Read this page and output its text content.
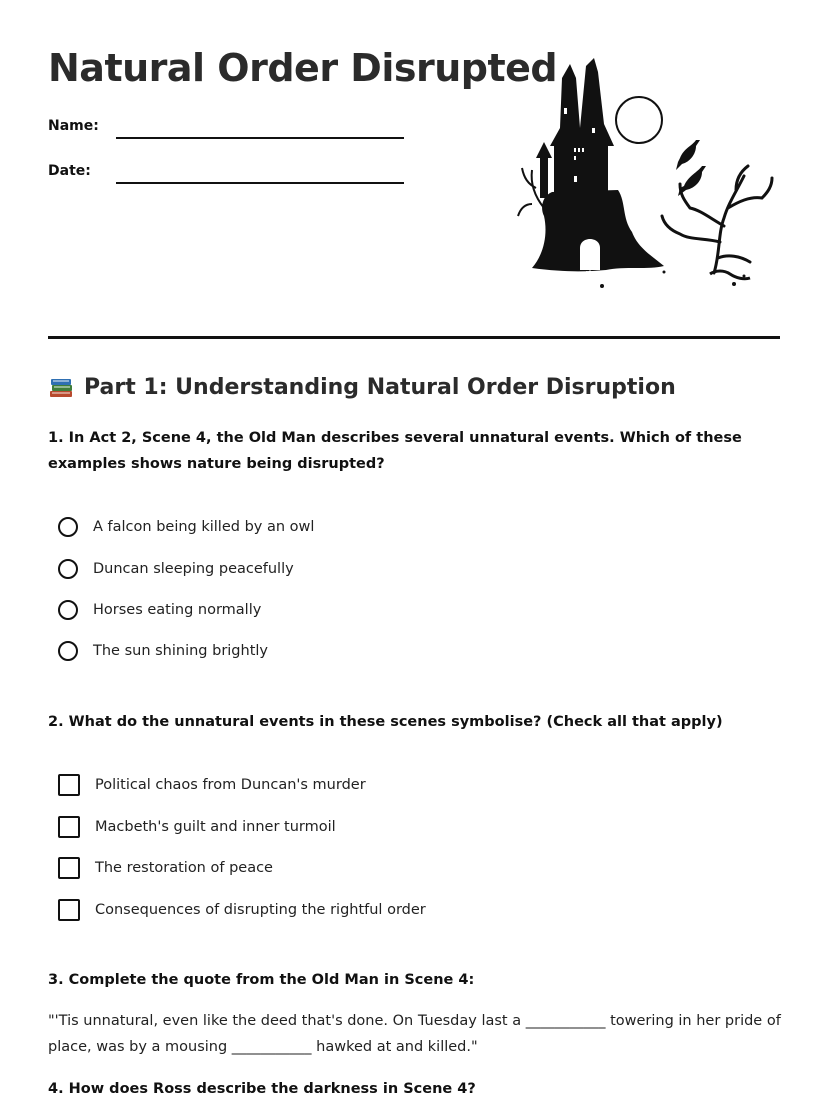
Natural Order Disrupted
Name:
Date:
Part 1: Understanding Natural Order Disruption

1. In Act 2, Scene 4, the Old Man describes several unnatural events. Which of these examples shows nature being disrupted?

A falcon being killed by an owl
Duncan sleeping peacefully
Horses eating normally
The sun shining brightly

2. What do the unnatural events in these scenes symbolise? (Check all that apply)

Political chaos from Duncan's murder
Macbeth's guilt and inner turmoil
The restoration of peace
Consequences of disrupting the rightful order

3. Complete the quote from the Old Man in Scene 4:

"'Tis unnatural, even like the deed that's done. On Tuesday last a ___________ towering in her pride of place, was by a mousing ___________ hawked at and killed."

4. How does Ross describe the darkness in Scene 4?
